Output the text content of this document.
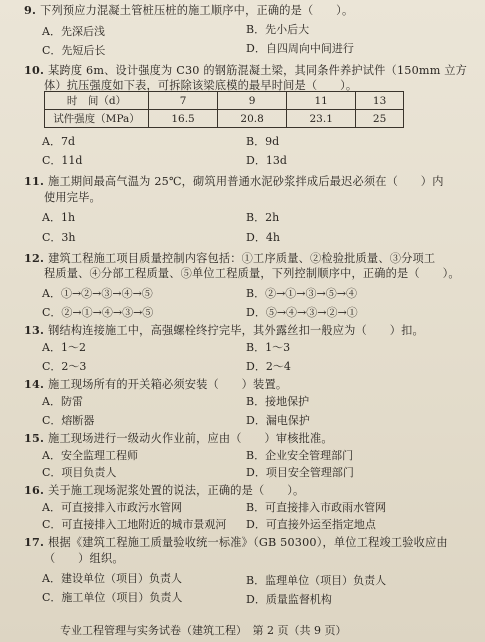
9. 下列预应力混凝土管桩压桩的施工顺序中，正确的是（　　）。
A．先深后浅	B．先小后大
C．先短后长	D．自四周向中间进行
10. 某跨度 6m、设计强度为 C30 的钢筋混凝土梁，其同条件养护试件（150mm 立方
体）抗压强度如下表，可拆除该梁底模的最早时间是（　　）。
时　间（d）	7	9	11	13
试件强度（MPa）	16.5	20.8	23.1	25
A．7d	B．9d
C．11d	D．13d
11. 施工期间最高气温为 25℃，砌筑用普通水泥砂浆拌成后最迟必须在（　　）内
使用完毕。
A．1h	B．2h
C．3h	D．4h
12. 建筑工程施工项目质量控制内容包括：①工序质量、②检验批质量、③分项工
程质量、④分部工程质量、⑤单位工程质量，下列控制顺序中，正确的是（　　）。
A．①→②→③→④→⑤	B．②→①→③→⑤→④
C．②→①→④→③→⑤	D．⑤→④→③→②→①
13. 钢结构连接施工中，高强螺栓终拧完毕，其外露丝扣一般应为（　　）扣。
A．1～2	B．1～3
C．2～3	D．2～4
14. 施工现场所有的开关箱必须安装（　　）装置。
A．防雷	B．接地保护
C．熔断器	D．漏电保护
15. 施工现场进行一级动火作业前，应由（　　）审核批准。
A．安全监理工程师	B．企业安全管理部门
C．项目负责人	D．项目安全管理部门
16. 关于施工现场泥浆处置的说法，正确的是（　　）。
A．可直接排入市政污水管网	B．可直接排入市政雨水管网
C．可直接排入工地附近的城市景观河 D．可直接外运至指定地点
17. 根据《建筑工程施工质量验收统一标准》（GB 50300），单位工程竣工验收应由
（　　）组织。
A．建设单位（项目）负责人	B．监理单位（项目）负责人
C．施工单位（项目）负责人	D．质量监督机构
专业工程管理与实务试卷（建筑工程）　第 2 页（共 9 页）
